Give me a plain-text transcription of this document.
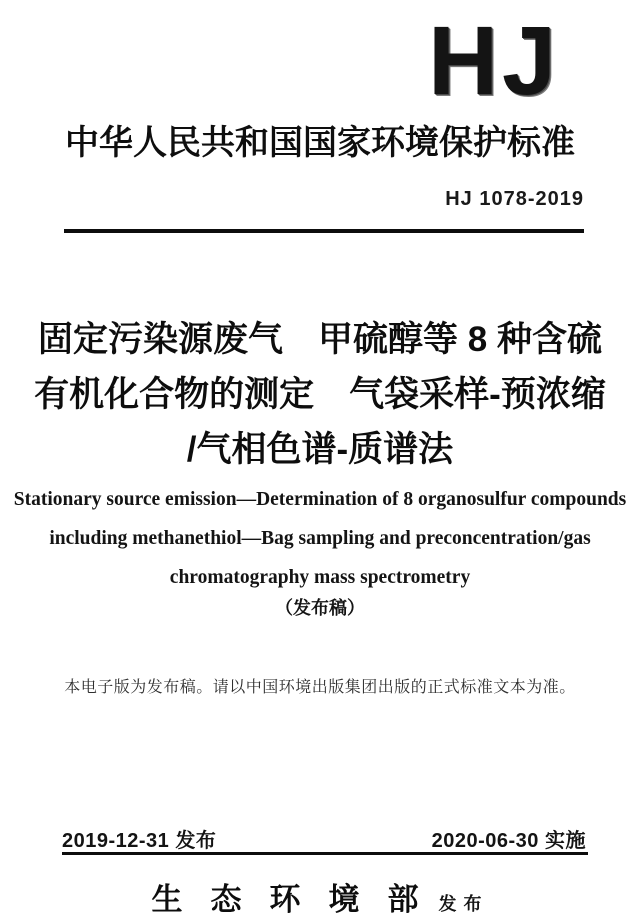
HJ
中华人民共和国国家环境保护标准
HJ 1078-2019
固定污染源废气　甲硫醇等 8 种含硫
有机化合物的测定　气袋采样-预浓缩
/气相色谱-质谱法
Stationary source emission—Determination of 8 organosulfur compounds
including methanethiol—Bag sampling and preconcentration/gas
chromatography mass spectrometry
（发布稿）
本电子版为发布稿。请以中国环境出版集团出版的正式标准文本为准。
2019-12-31 发布	2020-06-30 实施
生态环境部发布
